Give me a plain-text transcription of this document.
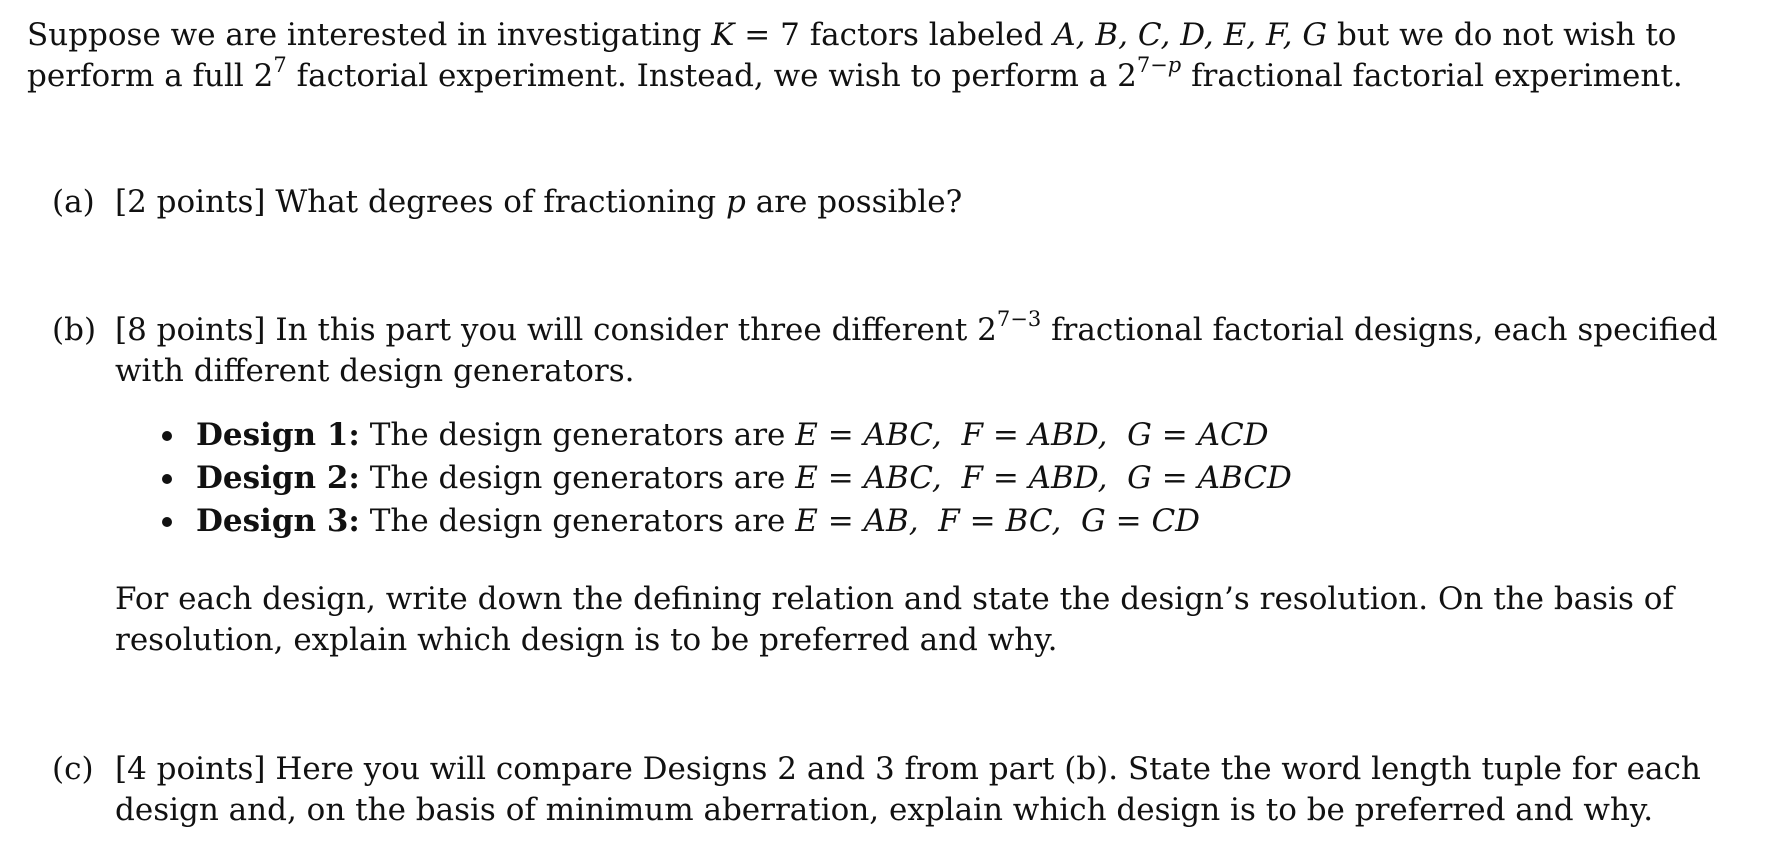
Suppose we are interested in investigating K = 7 factors labeled A, B, C, D, E, F, G but we do not wish to
perform a full $2^7$ factorial experiment. Instead, we wish to perform a $2^{7-p}$ fractional factorial experiment.
(a) [2 points] What degrees of fractioning p are possible?
(b) [8 points] In this part you will consider three different $2^{7-3}$ fractional factorial designs, each specified
with different design generators.
Design 1: The design generators are E = ABC,  F = ABD,  G = ACD
Design 2: The design generators are E = ABC,  F = ABD,  G = ABCD
Design 3: The design generators are E = AB,  F = BC,  G = CD
For each design, write down the defining relation and state the design’s resolution. On the basis of
resolution, explain which design is to be preferred and why.
(c) [4 points] Here you will compare Designs 2 and 3 from part (b). State the word length tuple for each
design and, on the basis of minimum aberration, explain which design is to be preferred and why.
